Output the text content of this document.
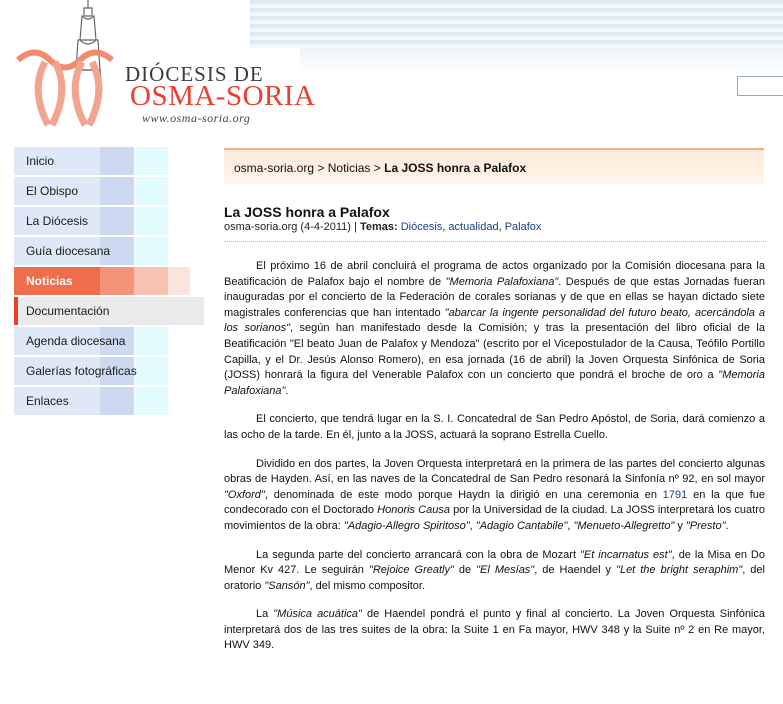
DIÓCESIS DE
OSMA-SORIA
www.osma-soria.org
Inicio
El Obispo
La Diócesis
Guía diocesana
Noticias
Documentación
Agenda diocesana
Galerías fotográficas
Enlaces
osma-soria.org > Noticias > La JOSS honra a Palafox
La JOSS honra a Palafox
osma-soria.org (4-4-2011) | Temas: Diócesis, actualidad, Palafox

El próximo 16 de abril concluirá el programa de actos organizado por la Comisión diocesana para la Beatificación de Palafox bajo el nombre de "Memoria Palafoxiana". Después de que estas Jornadas fueran inauguradas por el concierto de la Federación de corales sorianas y de que en ellas se hayan dictado siete magistrales conferencias que han intentado "abarcar la ingente personalidad del futuro beato, acercándola a los sorianos", según han manifestado desde la Comisión; y tras la presentación del libro oficial de la Beatificación "El beato Juan de Palafox y Mendoza" (escrito por el Vicepostulador de la Causa, Teófilo Portillo Capilla, y el Dr. Jesús Alonso Romero), en esa jornada (16 de abril) la Joven Orquesta Sinfónica de Soria (JOSS) honrará la figura del Venerable Palafox con un concierto que pondrá el broche de oro a "Memoria Palafoxiana".

El concierto, que tendrá lugar en la S. I. Concatedral de San Pedro Apóstol, de Soria, dará comienzo a las ocho de la tarde. En él, junto a la JOSS, actuará la soprano Estrella Cuello.

Dividido en dos partes, la Joven Orquesta interpretará en la primera de las partes del concierto algunas obras de Hayden. Así, en las naves de la Concatedral de San Pedro resonará la Sinfonía nº 92, en sol mayor "Oxford", denominada de este modo porque Haydn la dirigió en una ceremonia en 1791 en la que fue condecorado con el Doctorado Honoris Causa por la Universidad de la ciudad. La JOSS interpretará los cuatro movimientos de la obra: "Adagio-Allegro Spiritoso", "Adagio Cantabile", "Menueto-Allegretto" y "Presto".

La segunda parte del concierto arrancará con la obra de Mozart "Et incarnatus est", de la Misa en Do Menor Kv 427. Le seguirán "Rejoice Greatly" de "El Mesías", de Haendel y "Let the bright seraphim", del oratorio "Sansón", del mismo compositor.

La "Música acuática" de Haendel pondrá el punto y final al concierto. La Joven Orquesta Sinfónica interpretará dos de las tres suites de la obra: la Suite 1 en Fa mayor, HWV 348 y la Suite nº 2 en Re mayor, HWV 349.
